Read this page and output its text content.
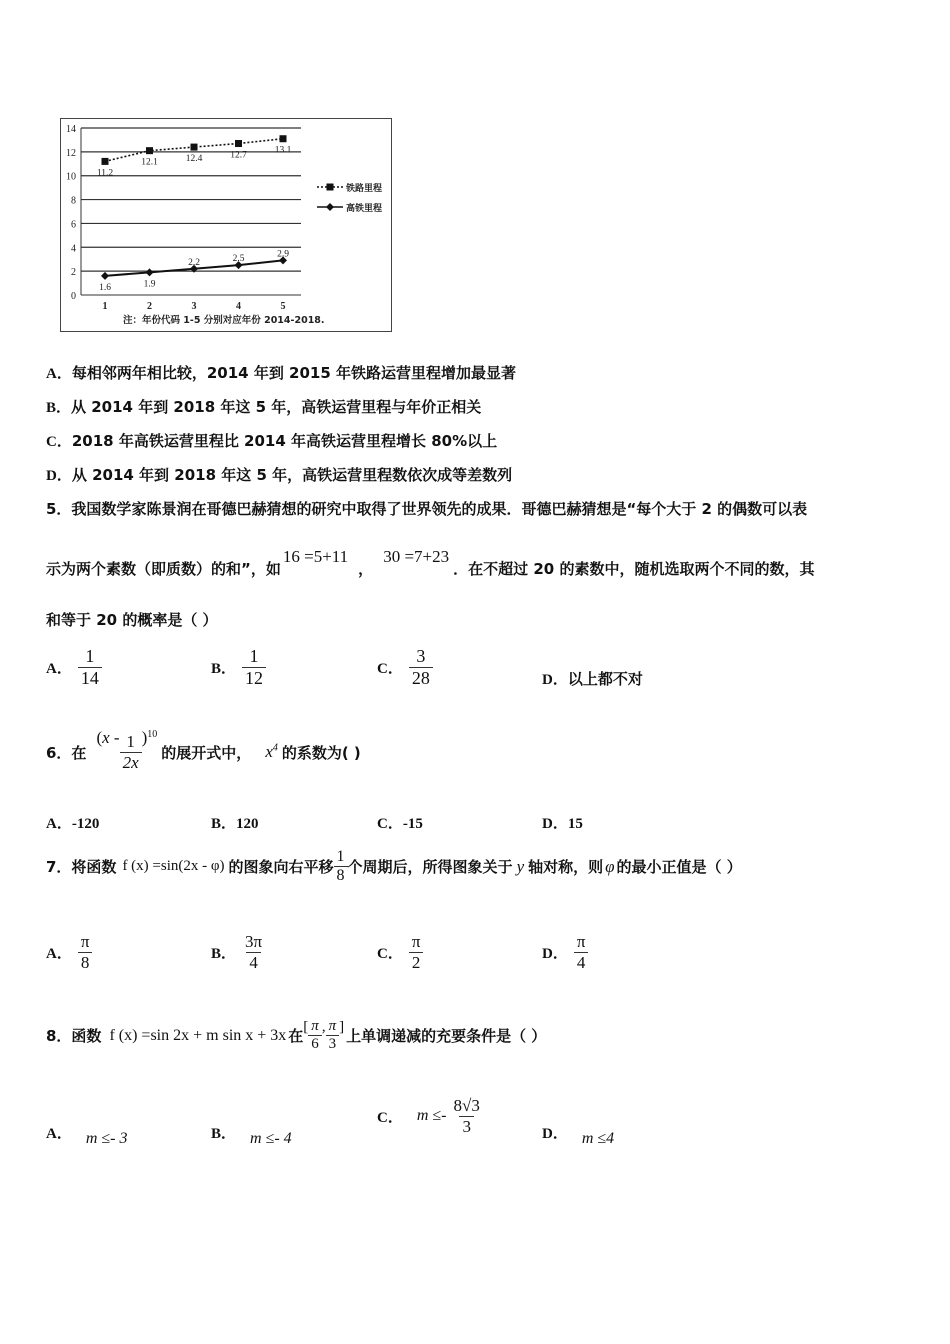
0
2
4
6
8
10
12
14
1	2	3	4	5
11.2
12.1	12.4	12.7	13.1
1.6	1.9
2.2	2.5	2.9
铁路里程
高铁里程
注：年份代码 1-5 分别对应年份 2014-2018.
A．每相邻两年相比较，2014 年到 2015 年铁路运营里程增加最显著
B．从 2014 年到 2018 年这 5 年，高铁运营里程与年价正相关
C．2018 年高铁运营里程比 2014 年高铁运营里程增长 80%以上
D．从 2014 年到 2018 年这 5 年，高铁运营里程数依次成等差数列
5．我国数学家陈景润在哥德巴赫猜想的研究中取得了世界领先的成果．哥德巴赫猜想是“每个大于 2 的偶数可以表
示为两个素数（即质数）的和”，如16 =5+11，30 =7+23．在不超过 20 的素数中，随机选取两个不同的数，其
和等于 20 的概率是（ ）
A． $\frac{1}{14}$	B． $\frac{1}{12}$	C． $\frac{3}{28}$	D．以上都不对
6．在
$(x - \frac{1}{2x} )^{10}$
的展开式中， $x^4$ 的系数为( )
A．-120	B．120	C．-15	D．15
7．将函数 f (x) =sin(2x - φ) 的图象向右平移 $\frac{1}{8}$ 个周期后，所得图象关于 y 轴对称，则 φ 的最小正值是（ ）
A． $\frac{\pi}{8}$	B． $\frac{3\pi}{4}$	C． $\frac{\pi}{2}$	D． $\frac{\pi}{4}$
8．函数 f (x) =sin 2x + m sin x + 3x 在 [ $\frac{\pi}{6}$ , $\frac{\pi}{3}$ ] 上单调递减的充要条件是（ ）
A． m ≤- 3	B． m ≤- 4
C． $m \le- \frac{8√3}{3}$	D． m ≤4
